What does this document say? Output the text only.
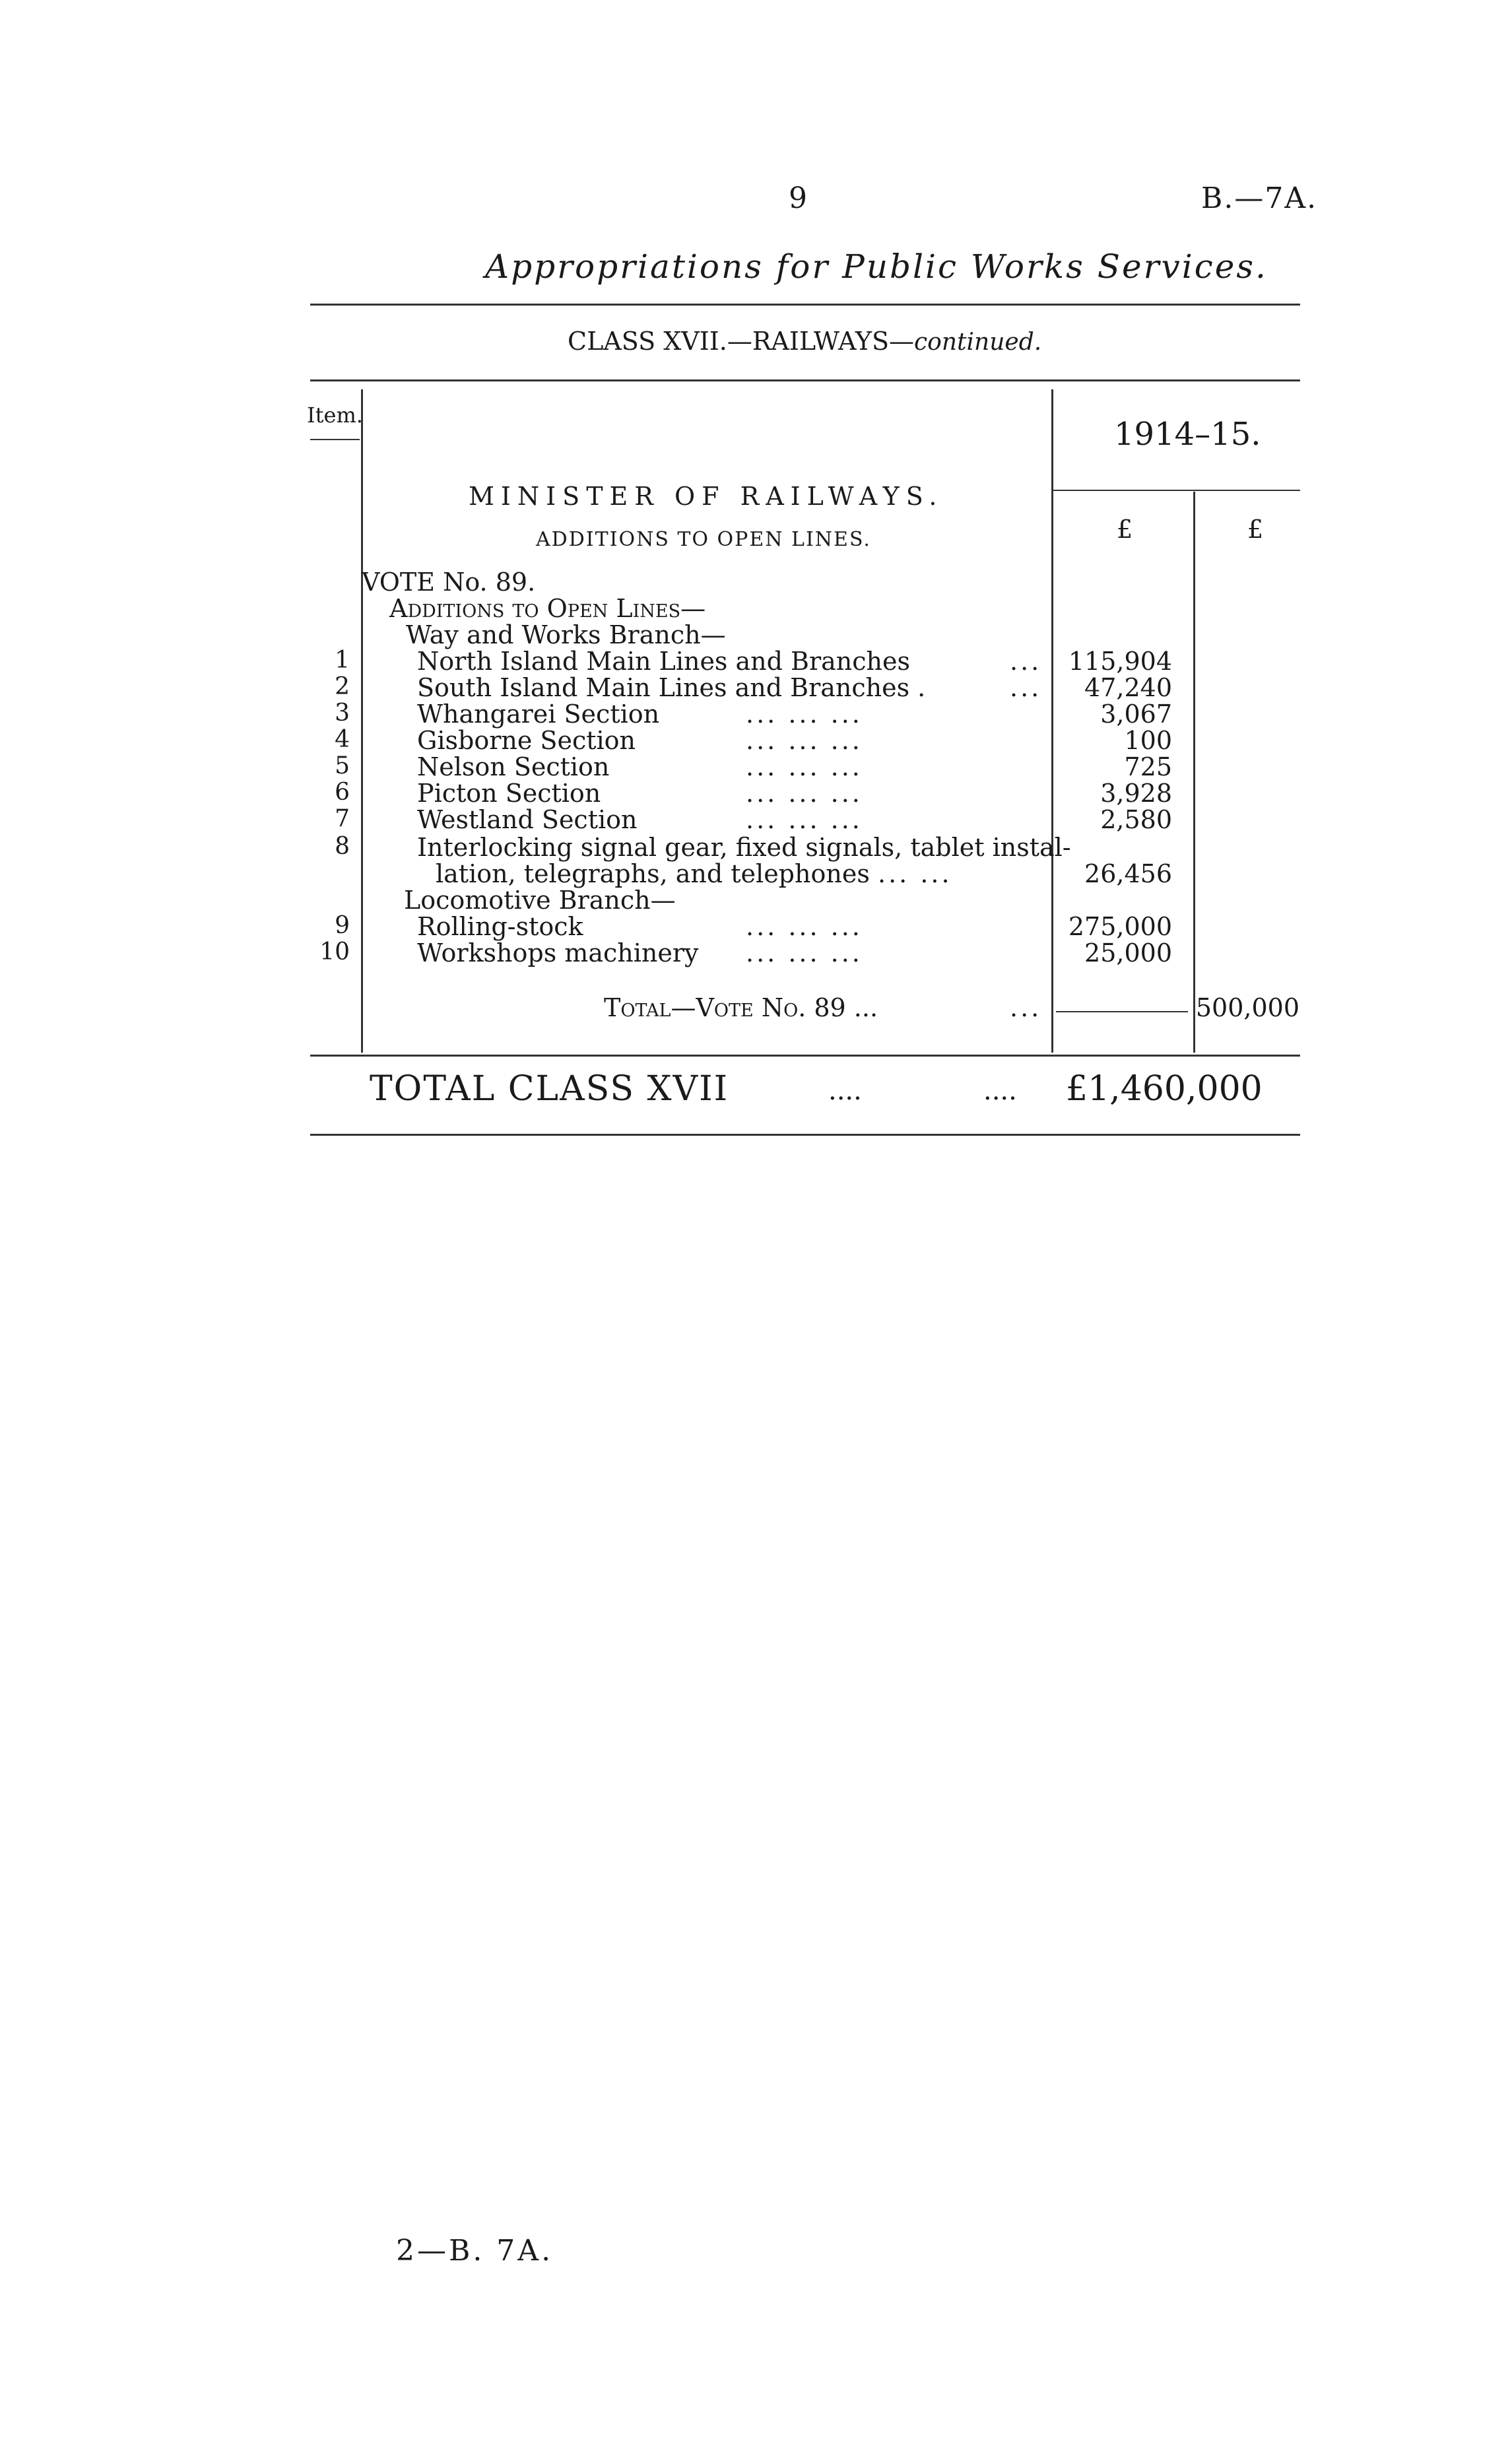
9	B.—7A.
Appropriations for Public Works Services.
CLASS XVII.—RAILWAYS—continued.
Item.
1914–15.
£	£
MINISTER OF RAILWAYS.
ADDITIONS TO OPEN LINES.
VOTE No. 89.
Additions to Open Lines—
Way and Works Branch—
1	North Island Main Lines and Branches	... 115,904
2	South Island Main Lines and Branches .	... 47,240
3	Whangarei Section	... ... ...	3,067
4	Gisborne Section	... ... ...	100
5	Nelson Section	... ... ...	725
6	Picton Section	... ... ...	3,928
7	Westland Section	... ... ...	2,580
8	Interlocking signal gear, fixed signals, tablet instal-
lation, telegraphs, and telephones ... ...	26,456
Locomotive Branch—
9	Rolling-stock	... ... ...	275,000
10	Workshops machinery ... ... ...	25,000
Total—Vote No. 89 ...	...	500,000
TOTAL CLASS XVII	....	.... £1,460,000
2—B. 7A.
